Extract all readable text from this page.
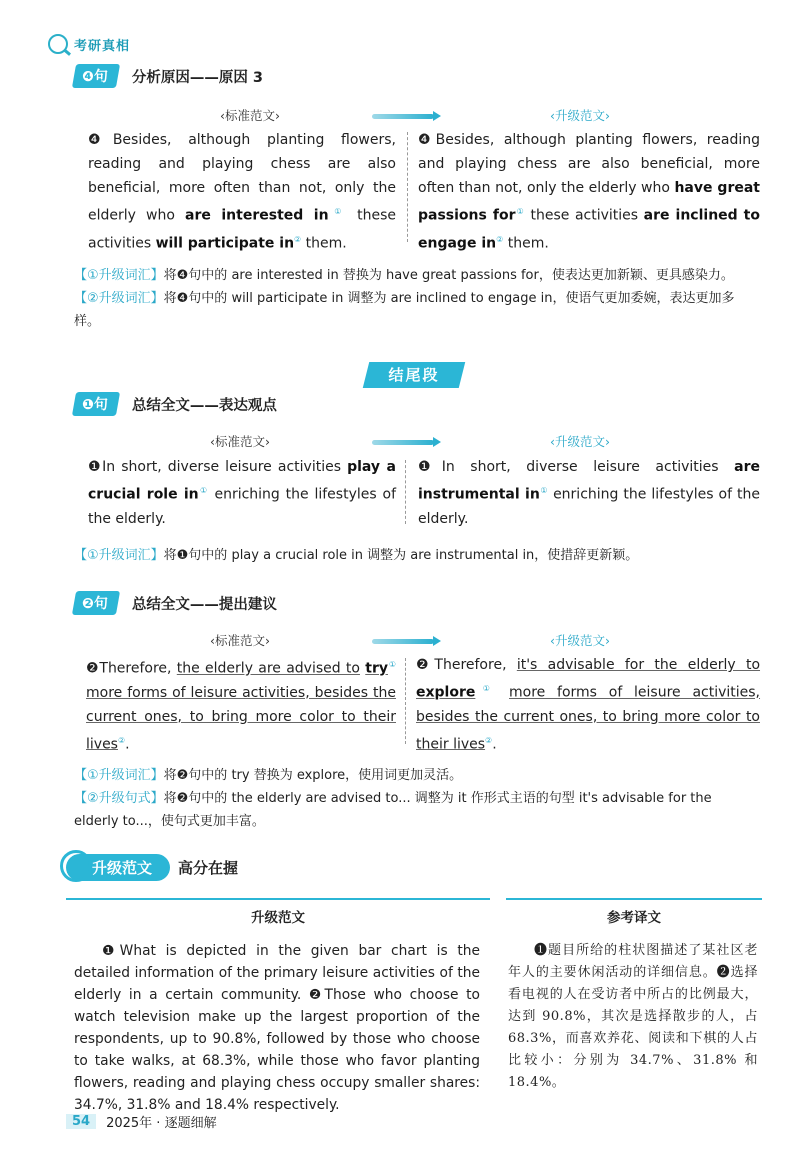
考研真相
❹句	分析原因——原因 3
‹标准范文›	‹升级范文›
❹Besides, although planting flowers, reading and playing chess are also beneficial, more often than not, only the elderly who are interested in① these activities will participate in② them.
❹Besides, although planting flowers, reading and playing chess are also beneficial, more often than not, only the elderly who have great passions for① these activities are inclined to engage in② them.
【①升级词汇】将❹句中的 are interested in 替换为 have great passions for，使表达更加新颖、更具感染力。
【②升级词汇】将❹句中的 will participate in 调整为 are inclined to engage in，使语气更加委婉，表达更加多样。
结尾段
❶句	总结全文——表达观点
‹标准范文›	‹升级范文›
❶In short, diverse leisure activities play a crucial role in① enriching the lifestyles of the elderly.
❶In short, diverse leisure activities are instrumental in① enriching the lifestyles of the elderly.
【①升级词汇】将❶句中的 play a crucial role in 调整为 are instrumental in，使措辞更新颖。
❷句	总结全文——提出建议
‹标准范文›	‹升级范文›
❷Therefore, the elderly are advised to try① more forms of leisure activities, besides the current ones, to bring more color to their lives②.
❷Therefore, it's advisable for the elderly to explore① more forms of leisure activities, besides the current ones, to bring more color to their lives②.
【①升级词汇】将❷句中的 try 替换为 explore，使用词更加灵活。
【②升级句式】将❷句中的 the elderly are advised to... 调整为 it 作形式主语的句型 it's advisable for the elderly to...，使句式更加丰富。
升级范文	高分在握
升级范文	参考译文
❶What is depicted in the given bar chart is the detailed information of the primary leisure activities of the elderly in a certain community. ❷Those who choose to watch television make up the largest proportion of the respondents, up to 90.8%, followed by those who choose to take walks, at 68.3%, while those who favor planting flowers, reading and playing chess occupy smaller shares: 34.7%, 31.8% and 18.4% respectively.
❶题目所给的柱状图描述了某社区老年人的主要休闲活动的详细信息。❷选择看电视的人在受访者中所占的比例最大，达到 90.8%，其次是选择散步的人，占 68.3%，而喜欢养花、阅读和下棋的人占比较小：分别为 34.7%、31.8% 和 18.4%。
54	2025年 · 逐题细解
